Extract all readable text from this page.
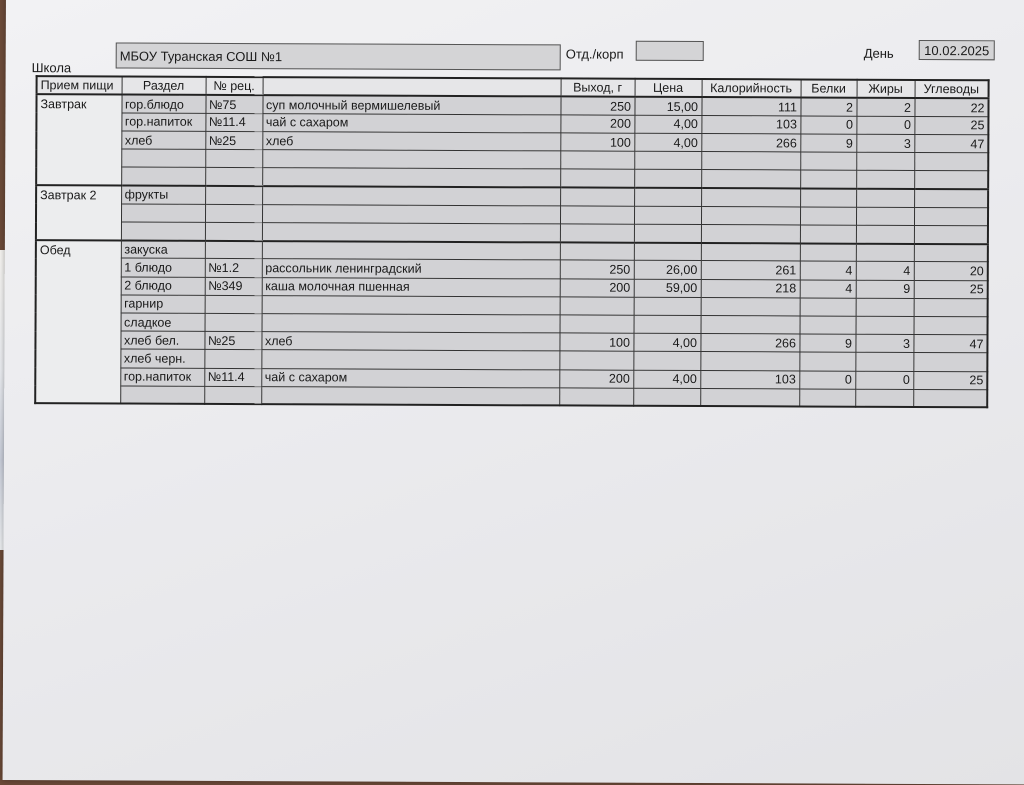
Школа
МБОУ Туранская СОШ №1	Отд./корп	День	10.02.2025
Прием пищи	Раздел	№ рец.		Выход, г	Цена	Калорийность	Белки	Жиры	Углеводы
Завтрак	гор.блюдо	№75	суп молочный вермишелевый	250	15,00	111	2	2	22
	гор.напиток	№11.4	чай с сахаром	200	4,00	103	0	0	25
	хлеб	№25	хлеб	100	4,00	266	9	3	47

Завтрак 2	фрукты								

Обед	закуска								
	1 блюдо	№1.2	рассольник ленинградский	250	26,00	261	4	4	20
	2 блюдо	№349	каша молочная пшенная	200	59,00	218	4	9	25
	гарнир								
	сладкое								
	хлеб бел.	№25	хлеб	100	4,00	266	9	3	47
	хлеб черн.								
	гор.напиток	№11.4	чай с сахаром	200	4,00	103	0	0	25
